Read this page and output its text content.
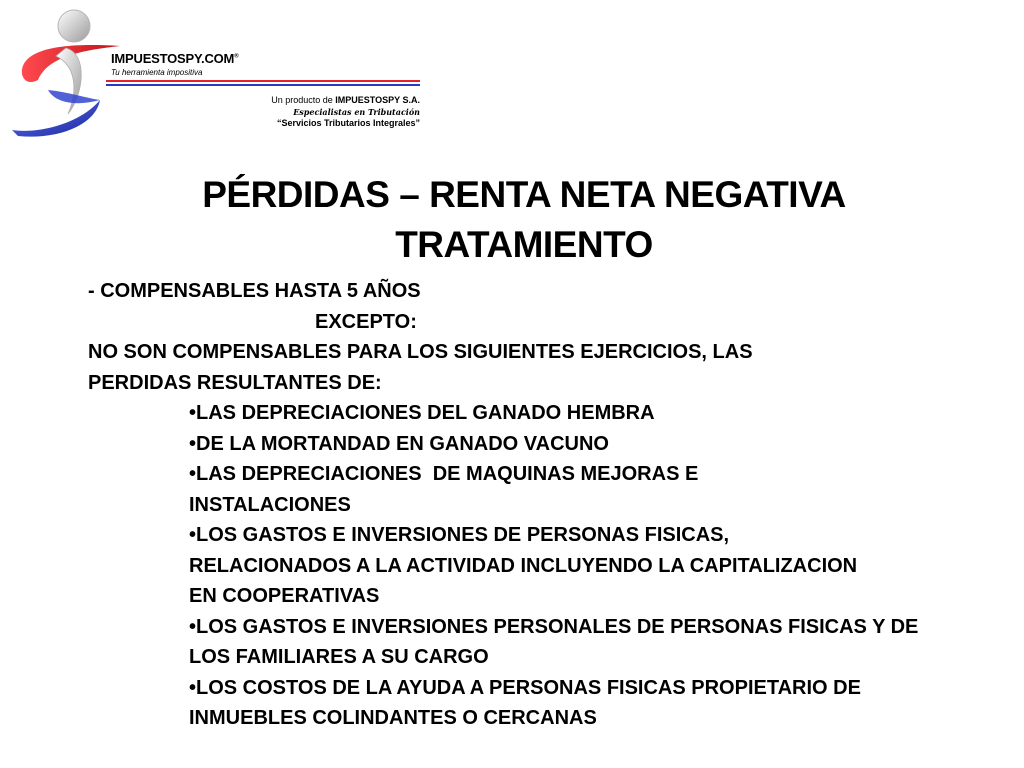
IMPUESTOSPY.COM®
Tu herramienta impositiva
Un producto de IMPUESTOSPY S.A.
Especialistas en Tributación
“Servicios Tributarios Integrales”
PÉRDIDAS – RENTA NETA NEGATIVA
TRATAMIENTO
- COMPENSABLES HASTA 5 AÑOS
EXCEPTO:
NO SON COMPENSABLES PARA LOS SIGUIENTES EJERCICIOS, LAS
PERDIDAS RESULTANTES DE:
•LAS DEPRECIACIONES DEL GANADO HEMBRA
•DE LA MORTANDAD EN GANADO VACUNO
•LAS DEPRECIACIONES  DE MAQUINAS MEJORAS E INSTALACIONES
•LOS GASTOS E INVERSIONES DE PERSONAS FISICAS, RELACIONADOS A LA ACTIVIDAD INCLUYENDO LA CAPITALIZACION EN COOPERATIVAS
•LOS GASTOS E INVERSIONES PERSONALES DE PERSONAS FISICAS Y DE LOS FAMILIARES A SU CARGO
•LOS COSTOS DE LA AYUDA A PERSONAS FISICAS PROPIETARIO DE INMUEBLES COLINDANTES O CERCANAS
